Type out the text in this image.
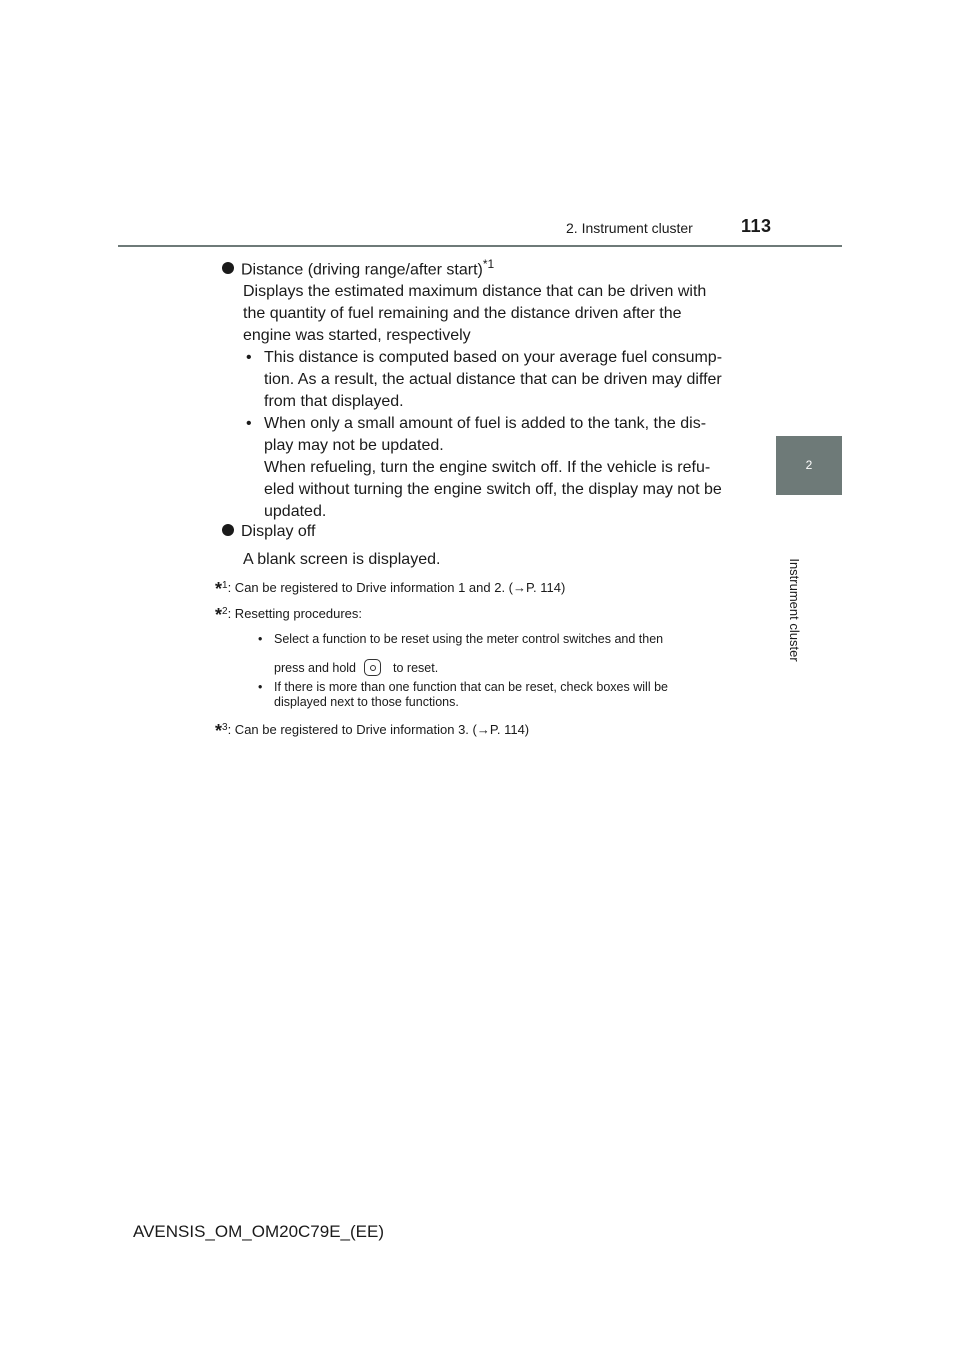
2. Instrument cluster	113
2
Instrument cluster
Distance (driving range/after start)$^{*1}$
Displays the estimated maximum distance that can be driven with
the quantity of fuel remaining and the distance driven after the
engine was started, respectively
• This distance is computed based on your average fuel consump-
tion. As a result, the actual distance that can be driven may differ
from that displayed.
• When only a small amount of fuel is added to the tank, the dis-
play may not be updated.
When refueling, turn the engine switch off. If the vehicle is refu-
eled without turning the engine switch off, the display may not be
updated.
Display off
A blank screen is displayed.
*$^1$: Can be registered to Drive information 1 and 2. (→P. 114)
*$^2$: Resetting procedures:
• Select a function to be reset using the meter control switches and then
press and hold	to reset.
• If there is more than one function that can be reset, check boxes will be
displayed next to those functions.
*$^3$: Can be registered to Drive information 3. (→P. 114)
AVENSIS_OM_OM20C79E_(EE)
